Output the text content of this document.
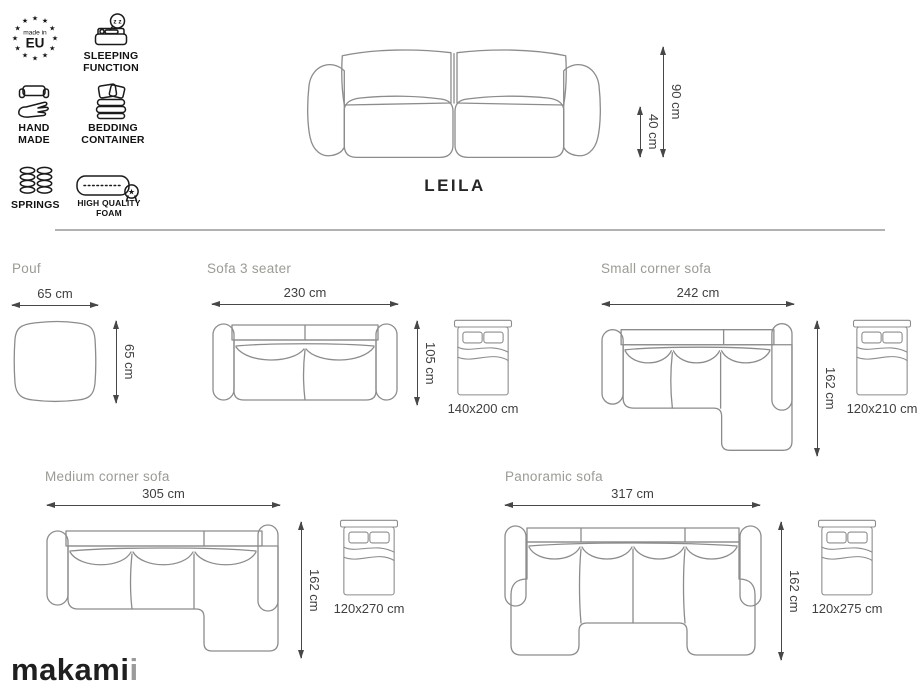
★ ★
★
★
★
★
★
★
★
★
★
★
made in
EU
z z
SLEEPING
FUNCTION
HAND
MADE
BEDDING
CONTAINER
SPRINGS
★
HIGH QUALITY
FOAM
40 cm
90 cm
LEILA
Pouf
65 cm
65 cm
Sofa 3 seater
230 cm
105 cm
140x200 cm
Small corner sofa
242 cm
162 cm 120x210 cm
Medium corner sofa
305 cm
162 cm 120x270 cm
Panoramic sofa
317 cm
162 cm 120x275 cm
makamii
